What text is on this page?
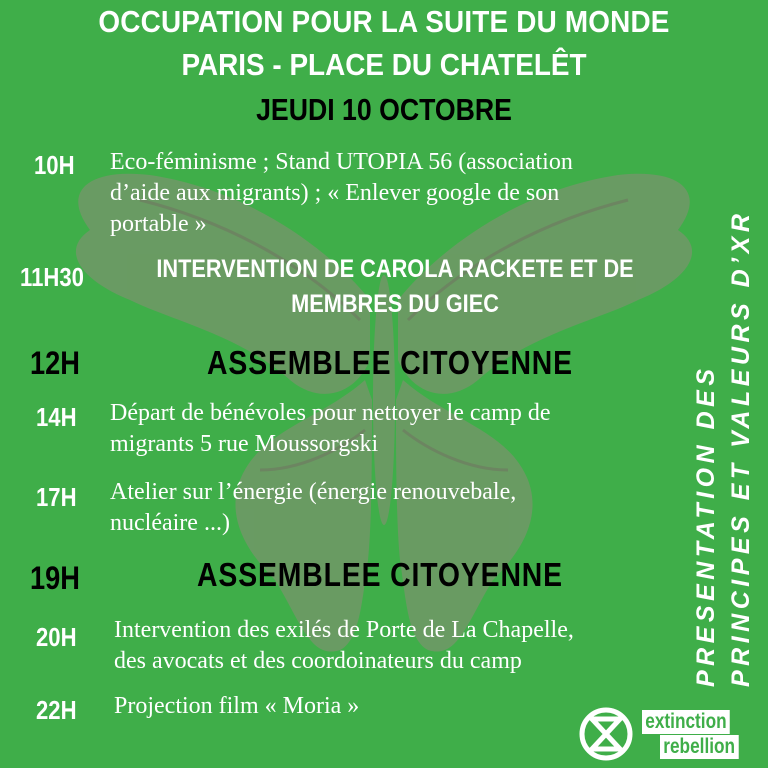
OCCUPATION POUR LA SUITE DU MONDE
PARIS - PLACE DU CHATELÊT
JEUDI 10 OCTOBRE
10H Eco-féminisme ; Stand UTOPIA 56 (association
d’aide aux migrants) ; « Enlever google de son
portable »
11H30	INTERVENTION DE CAROLA RACKETE ET DE
MEMBRES DU GIEC
12H	ASSEMBLEE CITOYENNE
14H Départ de bénévoles pour nettoyer le camp de
migrants 5 rue Moussorgski
17H Atelier sur l’énergie (énergie renouvebale,
nucléaire ...)
19H	ASSEMBLEE CITOYENNE
20H Intervention des exilés de Porte de La Chapelle,
des avocats et des coordoinateurs du camp
22H Projection film « Moria »
PRESENTATION DES PRINCIPES ET VALEURS D’XR
extinction
rebellion
